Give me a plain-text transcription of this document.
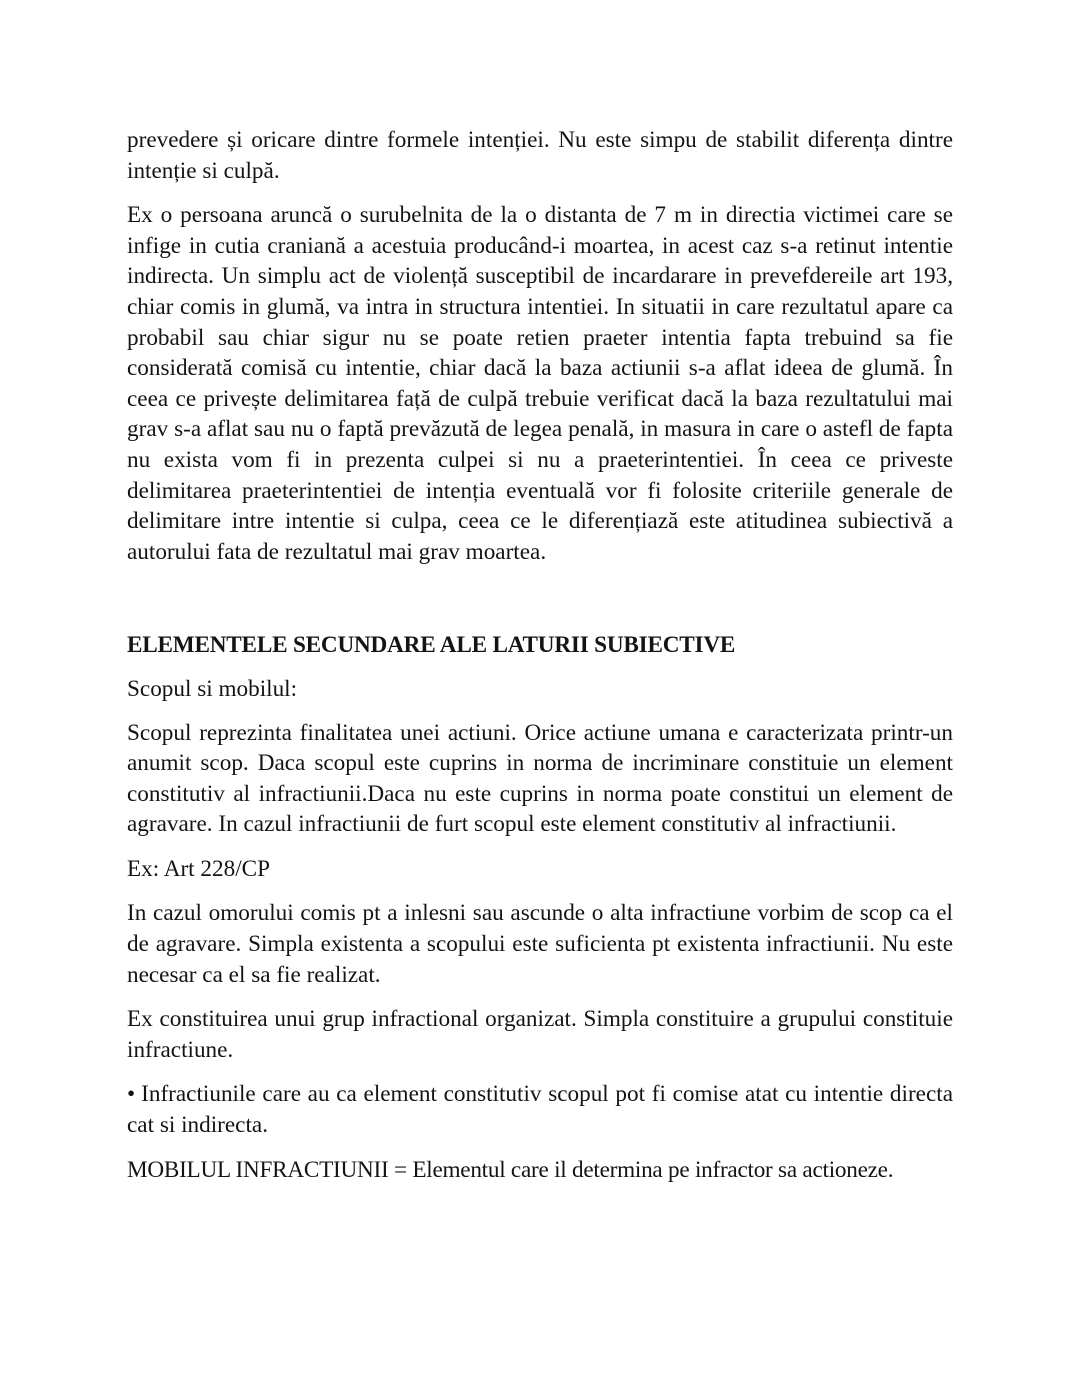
prevedere și oricare dintre formele intenției. Nu este simpu de stabilit diferența dintre intenție si culpă.

Ex o persoana aruncă o surubelnita de la o distanta de 7 m in directia victimei care se infige in cutia craniană a acestuia producând-i moartea, in acest caz s-a retinut intentie indirecta. Un simplu act de violență susceptibil de incardarare in prevefdereile art 193, chiar comis in glumă, va intra in structura intentiei. In situatii in care rezultatul apare ca probabil sau chiar sigur nu se poate retien praeter intentia fapta trebuind sa fie considerată comisă cu intentie, chiar dacă la baza actiunii s-a aflat ideea de glumă. În ceea ce privește delimitarea față de culpă trebuie verificat dacă la baza rezultatului mai grav s-a aflat sau nu o faptă prevăzută de legea penală, in masura in care o astefl de fapta nu exista vom fi in prezenta culpei si nu a praeterintentiei. În ceea ce priveste delimitarea praeterintentiei de intenția eventuală vor fi folosite criteriile generale de delimitare intre intentie si culpa, ceea ce le diferențiază este atitudinea subiectivă a autorului fata de rezultatul mai grav moartea.

ELEMENTELE SECUNDARE ALE LATURII SUBIECTIVE

Scopul si mobilul:

Scopul reprezinta finalitatea unei actiuni. Orice actiune umana e caracterizata printr-un anumit scop. Daca scopul este cuprins in norma de incriminare constituie un element constitutiv al infractiunii.Daca nu este cuprins in norma poate constitui un element de agravare. In cazul infractiunii de furt scopul este element constitutiv al infractiunii.

Ex: Art 228/CP

In cazul omorului comis pt a inlesni sau ascunde o alta infractiune vorbim de scop ca el de agravare. Simpla existenta a scopului este suficienta pt existenta infractiunii. Nu este necesar ca el sa fie realizat.

Ex constituirea unui grup infractional organizat. Simpla constituire a grupului constituie infractiune.

• Infractiunile care au ca element constitutiv scopul pot fi comise atat cu intentie directa cat si indirecta.

MOBILUL INFRACTIUNII = Elementul care il determina pe infractor sa actioneze.
